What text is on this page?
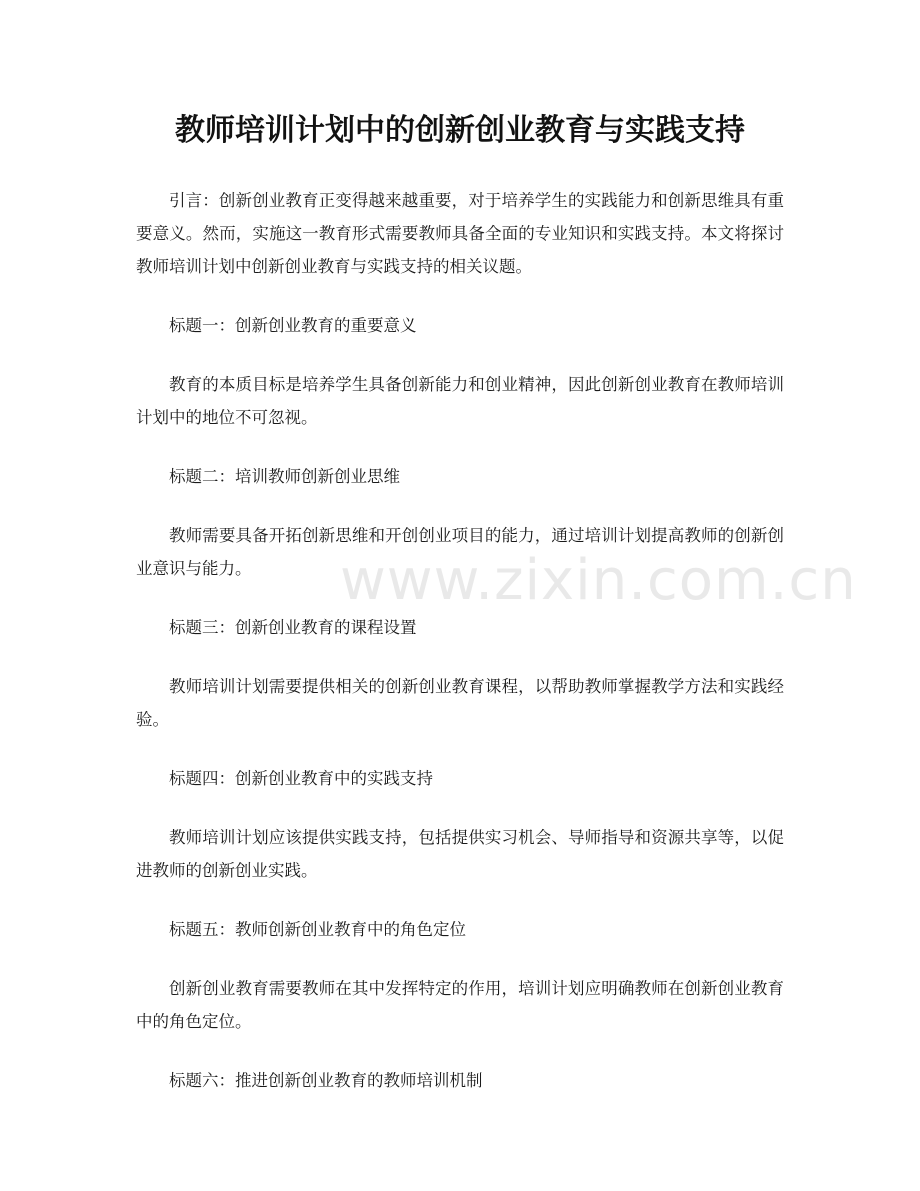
www.zixin.com.cn
教师培训计划中的创新创业教育与实践支持

引言：创新创业教育正变得越来越重要，对于培养学生的实践能力和创新思维具有重要意义。然而，实施这一教育形式需要教师具备全面的专业知识和实践支持。本文将探讨教师培训计划中创新创业教育与实践支持的相关议题。

标题一：创新创业教育的重要意义

教育的本质目标是培养学生具备创新能力和创业精神，因此创新创业教育在教师培训计划中的地位不可忽视。

标题二：培训教师创新创业思维

教师需要具备开拓创新思维和开创创业项目的能力，通过培训计划提高教师的创新创业意识与能力。

标题三：创新创业教育的课程设置

教师培训计划需要提供相关的创新创业教育课程，以帮助教师掌握教学方法和实践经验。

标题四：创新创业教育中的实践支持

教师培训计划应该提供实践支持，包括提供实习机会、导师指导和资源共享等，以促进教师的创新创业实践。

标题五：教师创新创业教育中的角色定位

创新创业教育需要教师在其中发挥特定的作用，培训计划应明确教师在创新创业教育中的角色定位。

标题六：推进创新创业教育的教师培训机制
